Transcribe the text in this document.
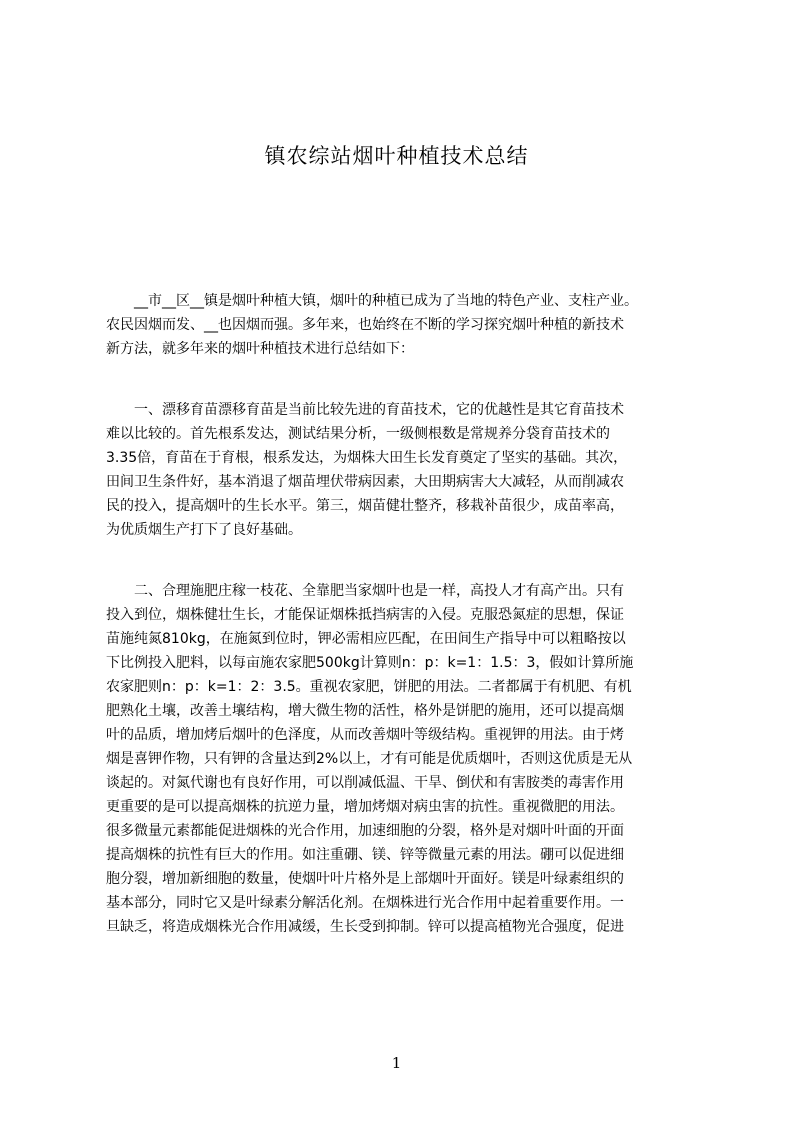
镇农综站烟叶种植技术总结
　　__市__区__镇是烟叶种植大镇，烟叶的种植已成为了当地的特色产业、支柱产业。
农民因烟而发、__也因烟而强。多年来，也始终在不断的学习探究烟叶种植的新技术
新方法，就多年来的烟叶种植技术进行总结如下：
　　一、漂移育苗漂移育苗是当前比较先进的育苗技术，它的优越性是其它育苗技术
难以比较的。首先根系发达，测试结果分析，一级侧根数是常规养分袋育苗技术的
3.35倍，育苗在于育根，根系发达，为烟株大田生长发育奠定了坚实的基础。其次，
田间卫生条件好，基本消退了烟苗埋伏带病因素，大田期病害大大减轻，从而削减农
民的投入，提高烟叶的生长水平。第三，烟苗健壮整齐，移栽补苗很少，成苗率高，
为优质烟生产打下了良好基础。
　　二、合理施肥庄稼一枝花、全靠肥当家烟叶也是一样，高投人才有高产出。只有
投入到位，烟株健壮生长，才能保证烟株抵挡病害的入侵。克服恐氮症的思想，保证
苗施纯氮810kg，在施氮到位时，钾必需相应匹配，在田间生产指导中可以粗略按以
下比例投入肥料，以每亩施农家肥500kg计算则n：p：k=1：1.5：3，假如计算所施
农家肥则n：p：k=1：2：3.5。重视农家肥，饼肥的用法。二者都属于有机肥、有机
肥熟化土壤，改善土壤结构，增大微生物的活性，格外是饼肥的施用，还可以提高烟
叶的品质，增加烤后烟叶的色泽度，从而改善烟叶等级结构。重视钾的用法。由于烤
烟是喜钾作物，只有钾的含量达到2%以上，才有可能是优质烟叶，否则这优质是无从
谈起的。对氮代谢也有良好作用，可以削减低温、干旱、倒伏和有害胺类的毒害作用
更重要的是可以提高烟株的抗逆力量，增加烤烟对病虫害的抗性。重视微肥的用法。
很多微量元素都能促进烟株的光合作用，加速细胞的分裂，格外是对烟叶叶面的开面
提高烟株的抗性有巨大的作用。如注重硼、镁、锌等微量元素的用法。硼可以促进细
胞分裂，增加新细胞的数量，使烟叶叶片格外是上部烟叶开面好。镁是叶绿素组织的
基本部分，同时它又是叶绿素分解活化剂。在烟株进行光合作用中起着重要作用。一
旦缺乏，将造成烟株光合作用减缓，生长受到抑制。锌可以提高植物光合强度，促进
1
